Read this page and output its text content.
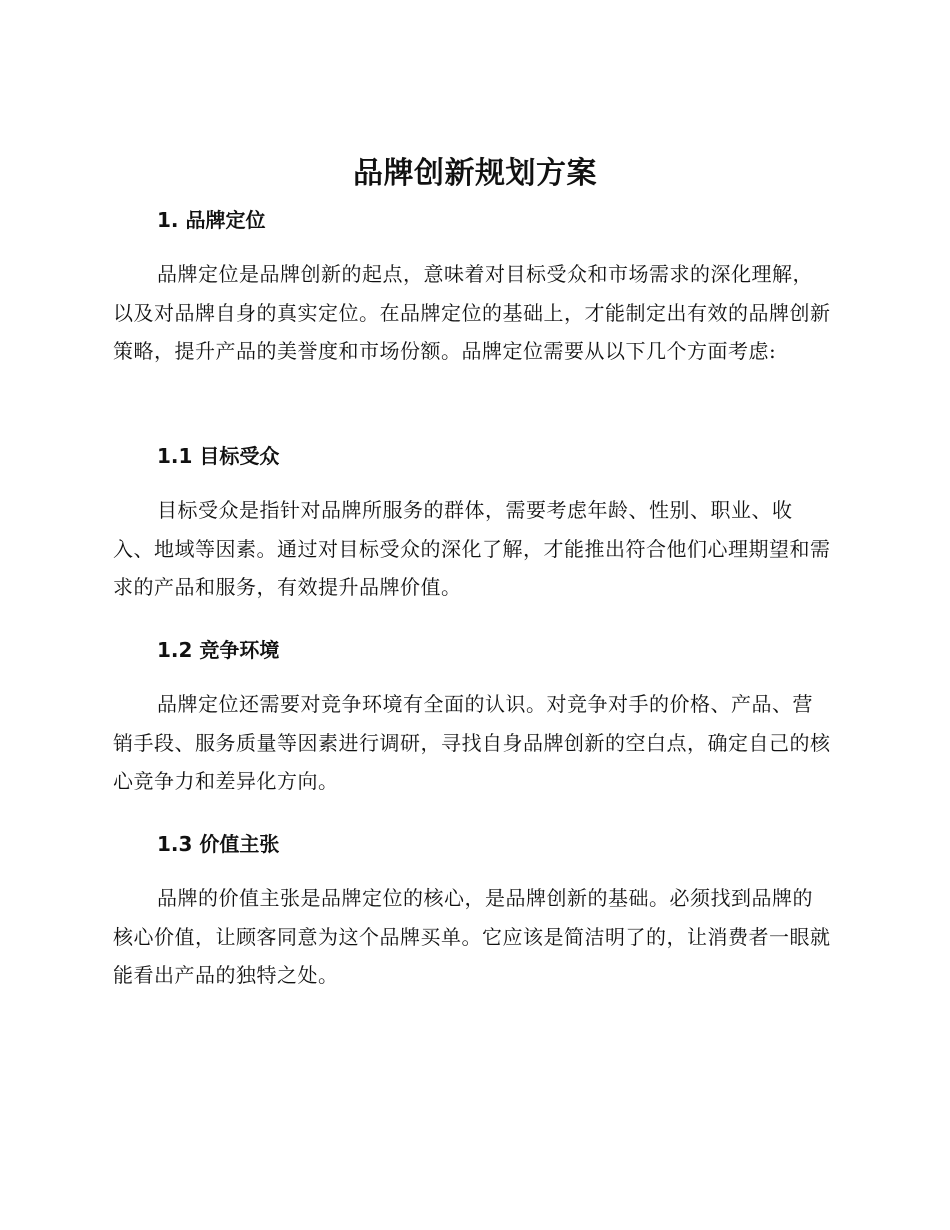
品牌创新规划方案
1. 品牌定位
品牌定位是品牌创新的起点，意味着对目标受众和市场需求的深化理解，以及对品牌自身的真实定位。在品牌定位的基础上，才能制定出有效的品牌创新策略，提升产品的美誉度和市场份额。品牌定位需要从以下几个方面考虑:
1.1 目标受众
目标受众是指针对品牌所服务的群体，需要考虑年龄、性别、职业、收入、地域等因素。通过对目标受众的深化了解，才能推出符合他们心理期望和需求的产品和服务，有效提升品牌价值。
1.2 竞争环境
品牌定位还需要对竞争环境有全面的认识。对竞争对手的价格、产品、营销手段、服务质量等因素进行调研，寻找自身品牌创新的空白点，确定自己的核心竞争力和差异化方向。
1.3 价值主张
品牌的价值主张是品牌定位的核心，是品牌创新的基础。必须找到品牌的核心价值，让顾客同意为这个品牌买单。它应该是简洁明了的，让消费者一眼就能看出产品的独特之处。
